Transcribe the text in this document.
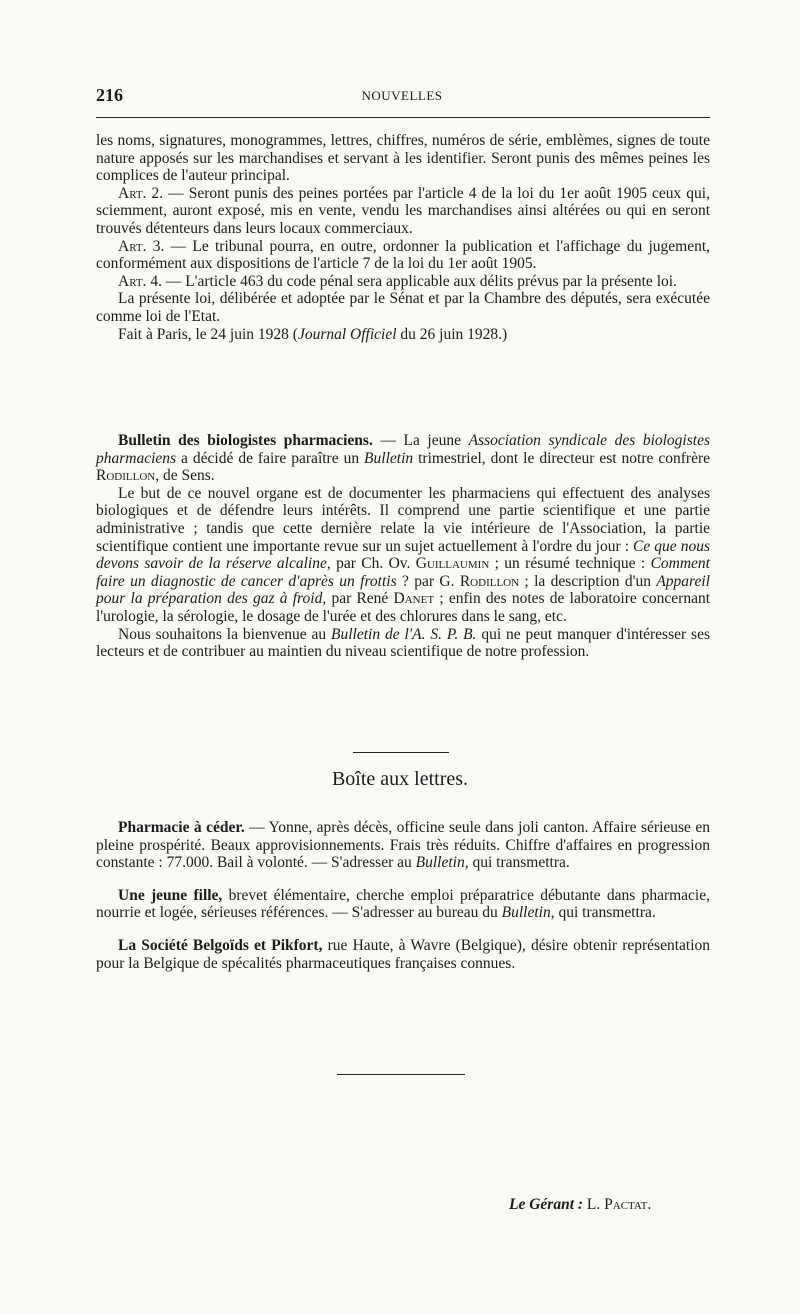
216	NOUVELLES

les noms, signatures, monogrammes, lettres, chiffres, numéros de série, emblèmes, signes de toute nature apposés sur les marchandises et servant à les identifier. Seront punis des mêmes peines les complices de l'auteur principal.

Art. 2. — Seront punis des peines portées par l'article 4 de la loi du 1er août 1905 ceux qui, sciemment, auront exposé, mis en vente, vendu les marchandises ainsi altérées ou qui en seront trouvés détenteurs dans leurs locaux commerciaux.

Art. 3. — Le tribunal pourra, en outre, ordonner la publication et l'affichage du jugement, conformément aux dispositions de l'article 7 de la loi du 1er août 1905.

Art. 4. — L'article 463 du code pénal sera applicable aux délits prévus par la présente loi.

La présente loi, délibérée et adoptée par le Sénat et par la Chambre des députés, sera exécutée comme loi de l'Etat.

Fait à Paris, le 24 juin 1928 (Journal Officiel du 26 juin 1928.)

Bulletin des biologistes pharmaciens. — La jeune Association syndicale des biologistes pharmaciens a décidé de faire paraître un Bulletin trimestriel, dont le directeur est notre confrère Rodillon, de Sens.

Le but de ce nouvel organe est de documenter les pharmaciens qui effectuent des analyses biologiques et de défendre leurs intérêts. Il comprend une partie scientifique et une partie administrative ; tandis que cette dernière relate la vie intérieure de l'Association, la partie scientifique contient une importante revue sur un sujet actuellement à l'ordre du jour : Ce que nous devons savoir de la réserve alcaline, par Ch. Ov. Guillaumin ; un résumé technique : Comment faire un diagnostic de cancer d'après un frottis ? par G. Rodillon ; la description d'un Appareil pour la préparation des gaz à froid, par René Danet ; enfin des notes de laboratoire concernant l'urologie, la sérologie, le dosage de l'urée et des chlorures dans le sang, etc.

Nous souhaitons la bienvenue au Bulletin de l'A. S. P. B. qui ne peut manquer d'intéresser ses lecteurs et de contribuer au maintien du niveau scientifique de notre profession.

Boîte aux lettres.

Pharmacie à céder. — Yonne, après décès, officine seule dans joli canton. Affaire sérieuse en pleine prospérité. Beaux approvisionnements. Frais très réduits. Chiffre d'affaires en progression constante : 77.000. Bail à volonté. — S'adresser au Bulletin, qui transmettra.

Une jeune fille, brevet élémentaire, cherche emploi préparatrice débutante dans pharmacie, nourrie et logée, sérieuses références. — S'adresser au bureau du Bulletin, qui transmettra.

La Société Belgoïds et Pikfort, rue Haute, à Wavre (Belgique), désire obtenir représentation pour la Belgique de spécalités pharmaceutiques françaises connues.

Le Gérant : L. Pactat.
